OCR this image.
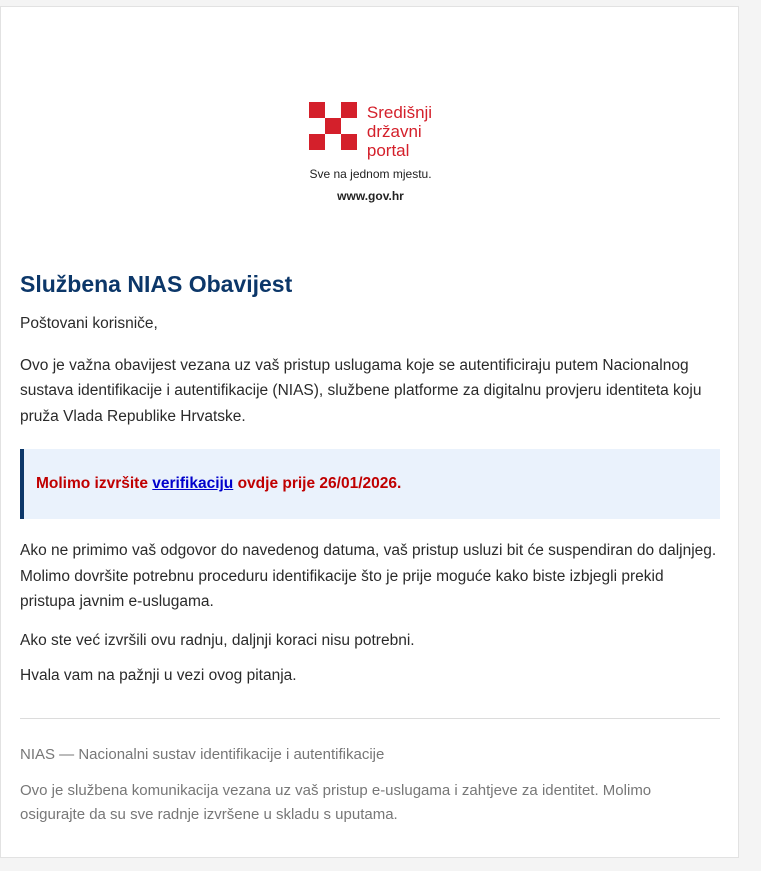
Središnji
državni
portal
Sve na jednom mjestu.
www.gov.hr
Službena NIAS Obavijest

Poštovani korisniče,

Ovo je važna obavijest vezana uz vaš pristup uslugama koje se autentificiraju putem Nacionalnog sustava identifikacije i autentifikacije (NIAS), službene platforme za digitalnu provjeru identiteta koju pruža Vlada Republike Hrvatske.

Molimo izvršite verifikaciju ovdje prije 26/01/2026.

Ako ne primimo vaš odgovor do navedenog datuma, vaš pristup usluzi bit će suspendiran do daljnjeg. Molimo dovršite potrebnu proceduru identifikacije što je prije moguće kako biste izbjegli prekid pristupa javnim e-uslugama.

Ako ste već izvršili ovu radnju, daljnji koraci nisu potrebni.

Hvala vam na pažnji u vezi ovog pitanja.

NIAS — Nacionalni sustav identifikacije i autentifikacije

Ovo je službena komunikacija vezana uz vaš pristup e-uslugama i zahtjeve za identitet. Molimo osigurajte da su sve radnje izvršene u skladu s uputama.
